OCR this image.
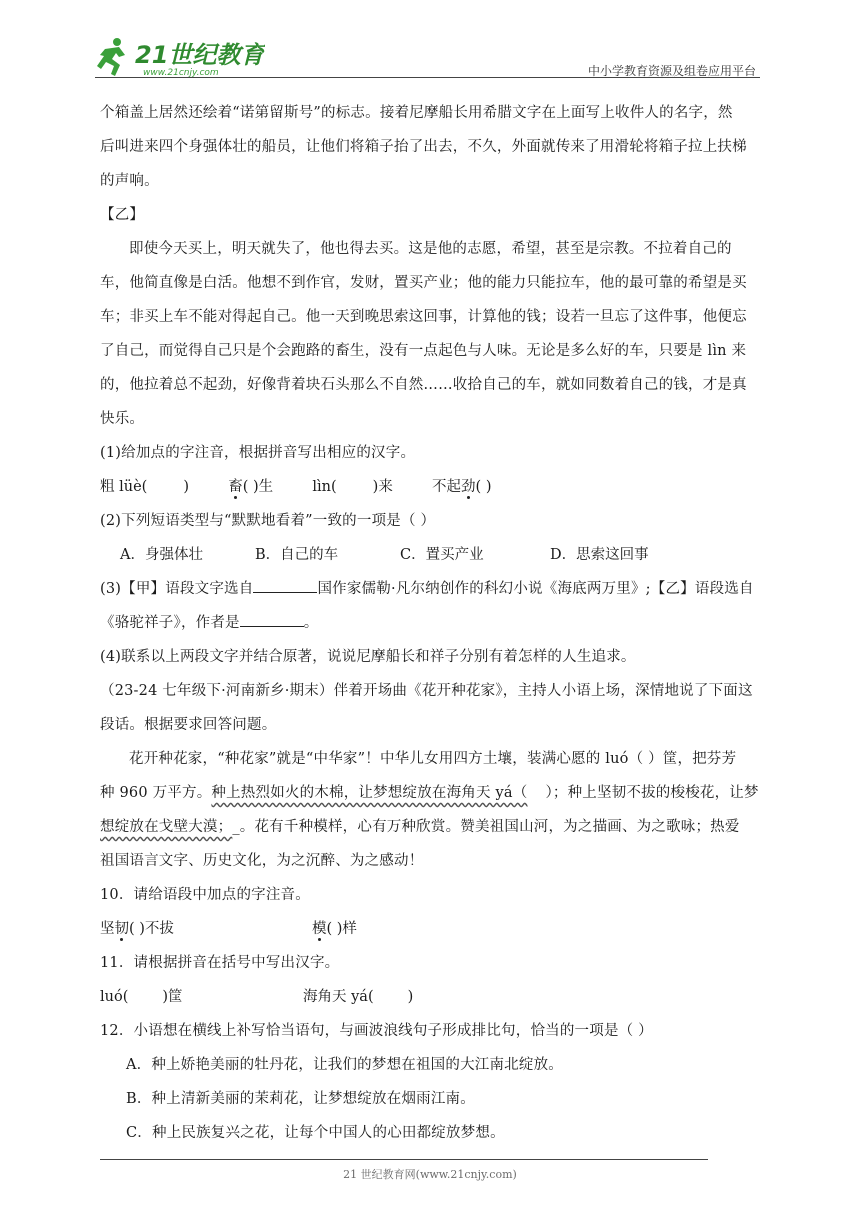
21世纪教育
www.21cnjy.com	中小学教育资源及组卷应用平台

个箱盖上居然还绘着“诺第留斯号”的标志。接着尼摩船长用希腊文字在上面写上收件人的名字，然

后叫进来四个身强体壮的船员，让他们将箱子抬了出去，不久，外面就传来了用滑轮将箱子拉上扶梯

的声响。

【乙】

即使今天买上，明天就失了，他也得去买。这是他的志愿，希望，甚至是宗教。不拉着自己的

车，他简直像是白活。他想不到作官，发财，置买产业；他的能力只能拉车，他的最可靠的希望是买

车；非买上车不能对得起自己。他一天到晚思索这回事，计算他的钱；设若一旦忘了这件事，他便忘

了自己，而觉得自己只是个会跑路的畜生，没有一点起色与人味。无论是多么好的车，只要是 lìn 来

的，他拉着总不起劲，好像背着块石头那么不自然……收拾自己的车，就如同数着自己的钱，才是真

快乐。

(1)给加点的字注音，根据拼音写出相应的汉字。

粗 lüè( )	畜( )生	lìn( )来	不起劲( )

(2)下列短语类型与“默默地看着”一致的一项是（ ）

A．身强体壮	B．自己的车	C．置买产业	D．思索这回事

(3)【甲】语段文字选自	国作家儒勒·凡尔纳创作的科幻小说《海底两万里》;【乙】语段选自

《骆驼祥子》，作者是	。

(4)联系以上两段文字并结合原著，说说尼摩船长和祥子分别有着怎样的人生追求。

（23-24 七年级下·河南新乡·期末）伴着开场曲《花开种花家》，主持人小语上场，深情地说了下面这

段话。根据要求回答问题。

花开种花家，“种花家”就是“中华家”！中华儿女用四方土壤，装满心愿的 luó（ ）筐，把芬芳

种 960 万平方。种上热烈如火的木棉，让梦想绽放在海角天 yá（ ）；种上坚韧不拔的梭梭花，让梦

想绽放在戈壁大漠；_。花有千种模样，心有万种欣赏。赞美祖国山河，为之描画、为之歌咏；热爱

祖国语言文字、历史文化，为之沉醉、为之感动！

10．请给语段中加点的字注音。

坚韧( )不拔	模( )样

11．请根据拼音在括号中写出汉字。

luó( )筐	海角天 yá( )

12．小语想在横线上补写恰当语句，与画波浪线句子形成排比句，恰当的一项是（ ）

A．种上娇艳美丽的牡丹花，让我们的梦想在祖国的大江南北绽放。

B．种上清新美丽的茉莉花，让梦想绽放在烟雨江南。

C．种上民族复兴之花，让每个中国人的心田都绽放梦想。

21 世纪教育网(www.21cnjy.com)
